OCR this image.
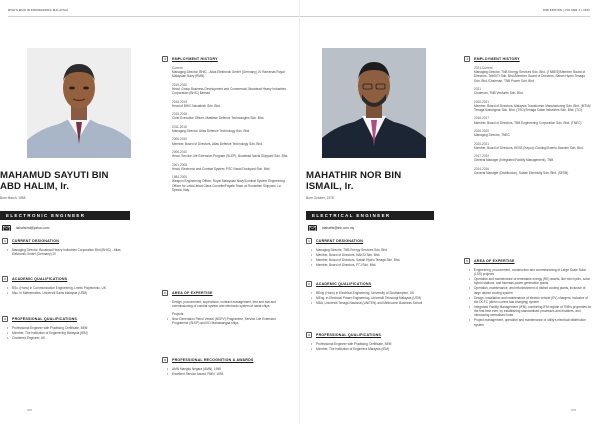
WHO'S WHO IN ENGINEERING MALAYSIA
MAHAMUD SAYUTI BIN
ABD HALIM, Ir.
Born March, 1958
ELECTRONIC ENGINEER
ilahahsmd@yahoo.com
1	CURRENT DESIGNATION
• Managing Director, Boustead Heavy Industries Corporation Bhd (BHIC) - Atlas Elektronik GmbH (Germany) JV
2	ACADEMIC QUALIFICATIONS
• BSc. (Hons) in Communication Engineering, Leeds Polytechnic, UK
• Msc. in Mathematics, Universiti Sains Malaysia (USM)
3	PROFESSIONAL QUALIFICATIONS
• Professional Engineer with Practising Certificate, BEM
• Member, The Institution of Engineering Malaysia (IEM)
• Chartered Engineer, UK
4	EMPLOYMENT HISTORY
Current
Managing Director, BHIC - Atlas Elektronik GmbH (Germany) JV Ramenas Royal Malaysian Navy (RMN)
2019-2020
Head, Group Business Development and Commercial, Boustead Heavy Industries Corporation (BHIC) Berhad
2018-2019
Head of BHIC Navaltech Sdn. Bhd.
2015-2018
Chief Executive Officer, Mastisse Defence Technologies Sdn. Bhd.
2011-2015
Managing Director, Atlas Defence Technology Sdn. Bhd.
2006-2010
Member, Board of Directors, Atlas Defence Technology Sdn. Bhd.
2006-2010
Head, Service Life Extension Program (SLEP), Boustead Naval Shipyard Sdn. Bhd.
2001-2005
Head, Electronic and Combat System, PSC Naval Dockyard Sdn. Bhd.
1984-2000
Weapon Engineering Officer, Royal Malaysian Navy/Combat System Engineering Officer for Lekiu/Jebat Class Corvette/Frigate Team at Fincantieri Shipyard, La Spezia, Italy
5	AREA OF EXPERTISE
Design, procurement, supervision, contract management, test and trial and commissioning of combat system and electronic system of naval ships
Projects
• New Generation Patrol Vessel (NGPV) Programme, Service Life Extension Programme (SLEP) and KD Mahawangsa ships
6	PROFESSIONAL RECOGNITION & AWARDS
• AMN Mangku Negara (AMN), 1998
• Excellent Service Award, RMN, 1993
308
2ND EDITION | VOLUME 2 | 2022
MAHATHIR NOR BIN
ISMAIL, Ir.
Born October, 1978
ELECTRICAL ENGINEER
tdahathir@tnb.com.my
1	CURRENT DESIGNATION
• Managing Director, TNB Energy Services Sdn. Bhd.
• Member, Board of Directors, NAKSI Sdn. Bhd.
• Member, Board of Directors, Sabah Hydro Tenaga Sdn. Bhd.
• Member, Board of Directors, FTJ Sdn. Bhd.
2	ACADEMIC QUALIFICATIONS
• BEng. (Hons) in Electrical Engineering, University of Southampton, UK
• MEng. in Electrical Power Engineering, Universiti Teknologi Malaysia (UTM)
• MBA, Universiti Tenaga Nasional (UNITEN) and Melbourne Business School
3	PROFESSIONAL QUALIFICATIONS
• Professional Engineer with Practising Certificate, BEM
• Member, The Institution of Engineers Malaysia (IEM)
4	EMPLOYMENT HISTORY
2021-Current
Managing Director, TNB Energy Services Sdn. Bhd. (TNBES)/Member, Board of Directors, TeleSITI Sdn. Bhd./Member, Board of Directors, Sabah Hydro Tenaga Sdn. Bhd./Chairman, TNB Power Sdn. Bhd.
2021
Chairman, TNB Ventures Sdn. Bhd.
2020-2021
Member, Board of Directors, Malaysia Transformer Manufacturing Sdn. Bhd. (MTM)/ Tenaga Switchgear Sdn. Bhd. (TSG)/Tenaga Cable Industries Sdn. Bhd. (TCI)
2016-2017
Member, Board of Directors, TNB Engineering Corporation Sdn. Bhd. (TNEC)
2016-2020
Managing Director, TNEC
2015-2021
Member, Board of Directors, KESS (Kepco) Cooling/Owerlo Sweden Sdn. Bhd.
2017-2019
General Manager (Integrated Facility Management), TNB
2014-2016
General Manager (Distribution), Sabah Electricity Sdn. Bhd. (SESB)
5	AREA OF EXPERTISE
• Engineering, procurement, construction and commissioning of Large Scale Solar (LSS) projects
• Operation and maintenance of renewable energy (RE) assets, like mini hydro, solar hybrid stations, and biomass power generation plants
• Operation, maintenance, and refurbishment of district cooling plants, inclusive of large district cooling system
• Design, installation and maintenance of electric vehicle (EV) chargers, inclusive of the DCFC (direct current fast charging) system
• Integrated Facility Management (IFM), combining IFM regime of TNB's properties for the first time ever, by establishing standardised processes and enablers, and introducing centralised hubs
• Project management, operation and maintenance of utility's electrical distribution system
309
